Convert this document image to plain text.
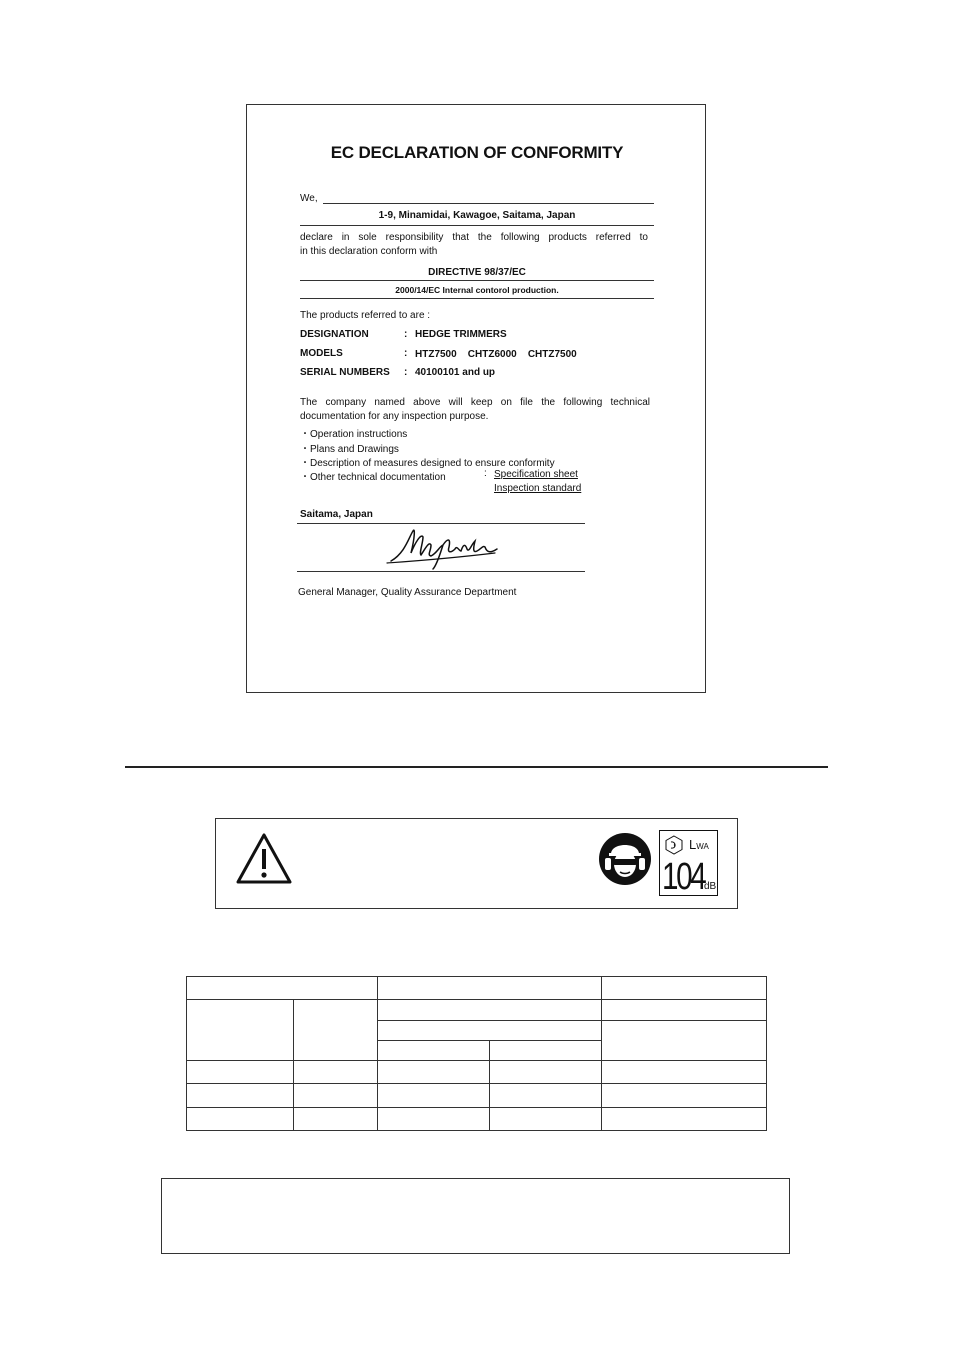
EC DECLARATION OF CONFORMITY
We,
1-9, Minamidai, Kawagoe, Saitama, Japan
declare in sole responsibility that the following products referred to
in this declaration conform with
DIRECTIVE 98/37/EC
2000/14/EC Internal contorol production.
The products referred to are :
DESIGNATION	: HEDGE TRIMMERS
MODELS	: HTZ7500    CHTZ6000    CHTZ7500
SERIAL NUMBERS : 40100101 and up
The company named above will keep on file the following technical
documentation for any inspection purpose.
・Operation instructions
・Plans and Drawings
・Description of measures designed to ensure conformity
・Other technical documentation	: Specification sheet
Inspection standard
Saitama, Japan
General Manager, Quality Assurance Department
LWA
104 dB
